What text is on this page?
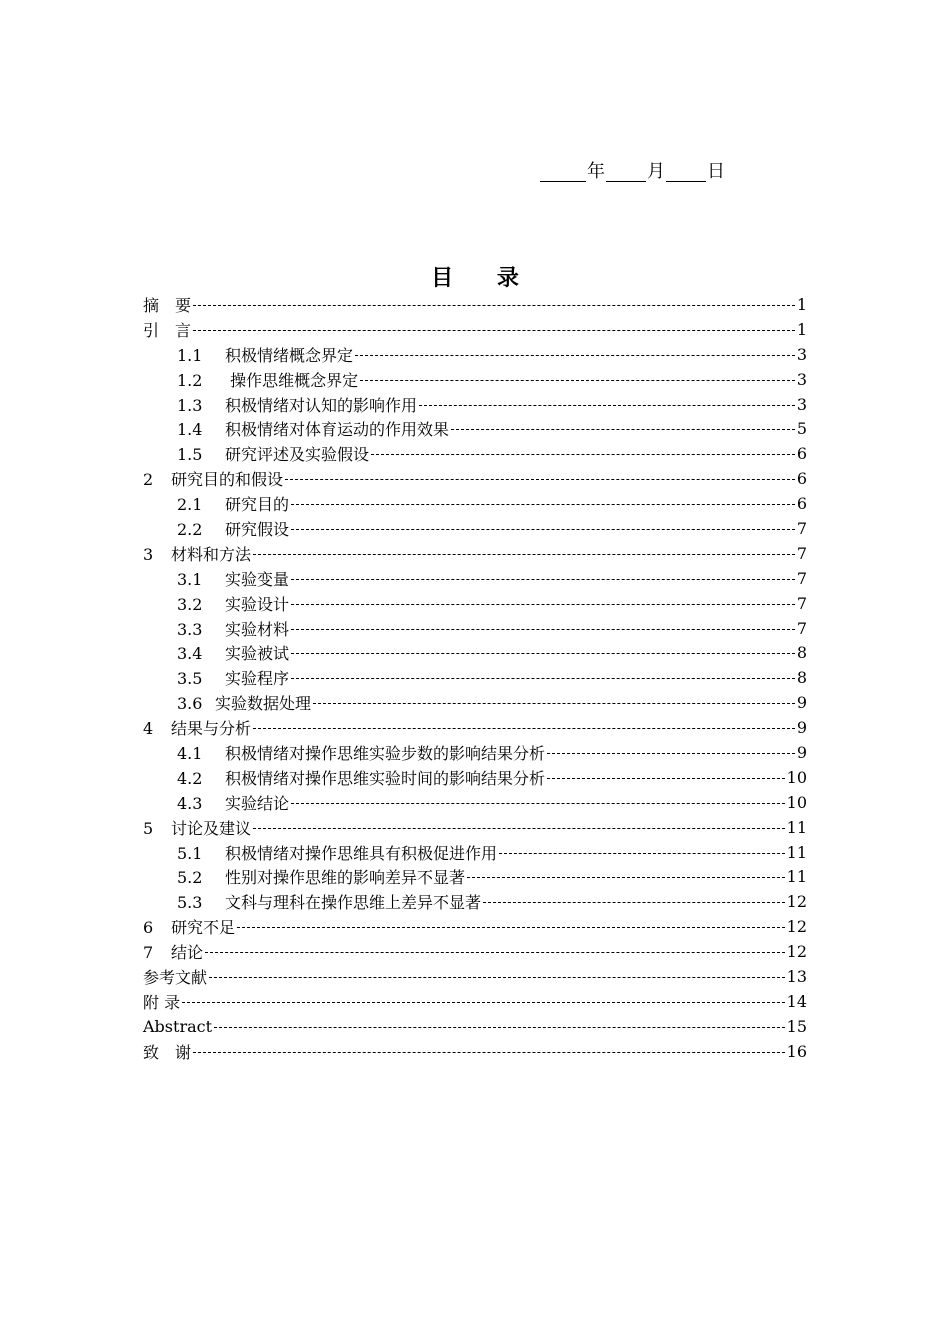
年 月 日
目 录
摘　要	1
引　言	1
1.1 积极情绪概念界定	3
1.2 操作思维概念界定	3
1.3 积极情绪对认知的影响作用	3
1.4 积极情绪对体育运动的作用效果	5
1.5 研究评述及实验假设	6
2 研究目的和假设	6
2.1 研究目的	6
2.2 研究假设	7
3 材料和方法	7
3.1 实验变量	7
3.2 实验设计	7
3.3 实验材料	7
3.4 实验被试	8
3.5 实验程序	8
3.6 实验数据处理	9
4 结果与分析	9
4.1 积极情绪对操作思维实验步数的影响结果分析	9
4.2 积极情绪对操作思维实验时间的影响结果分析	10
4.3 实验结论	10
5 讨论及建议	11
5.1 积极情绪对操作思维具有积极促进作用	11
5.2 性别对操作思维的影响差异不显著	11
5.3 文科与理科在操作思维上差异不显著	12
6 研究不足	12
7 结论	12
参考文献	13
附 录	14
Abstract	15
致　谢	16
